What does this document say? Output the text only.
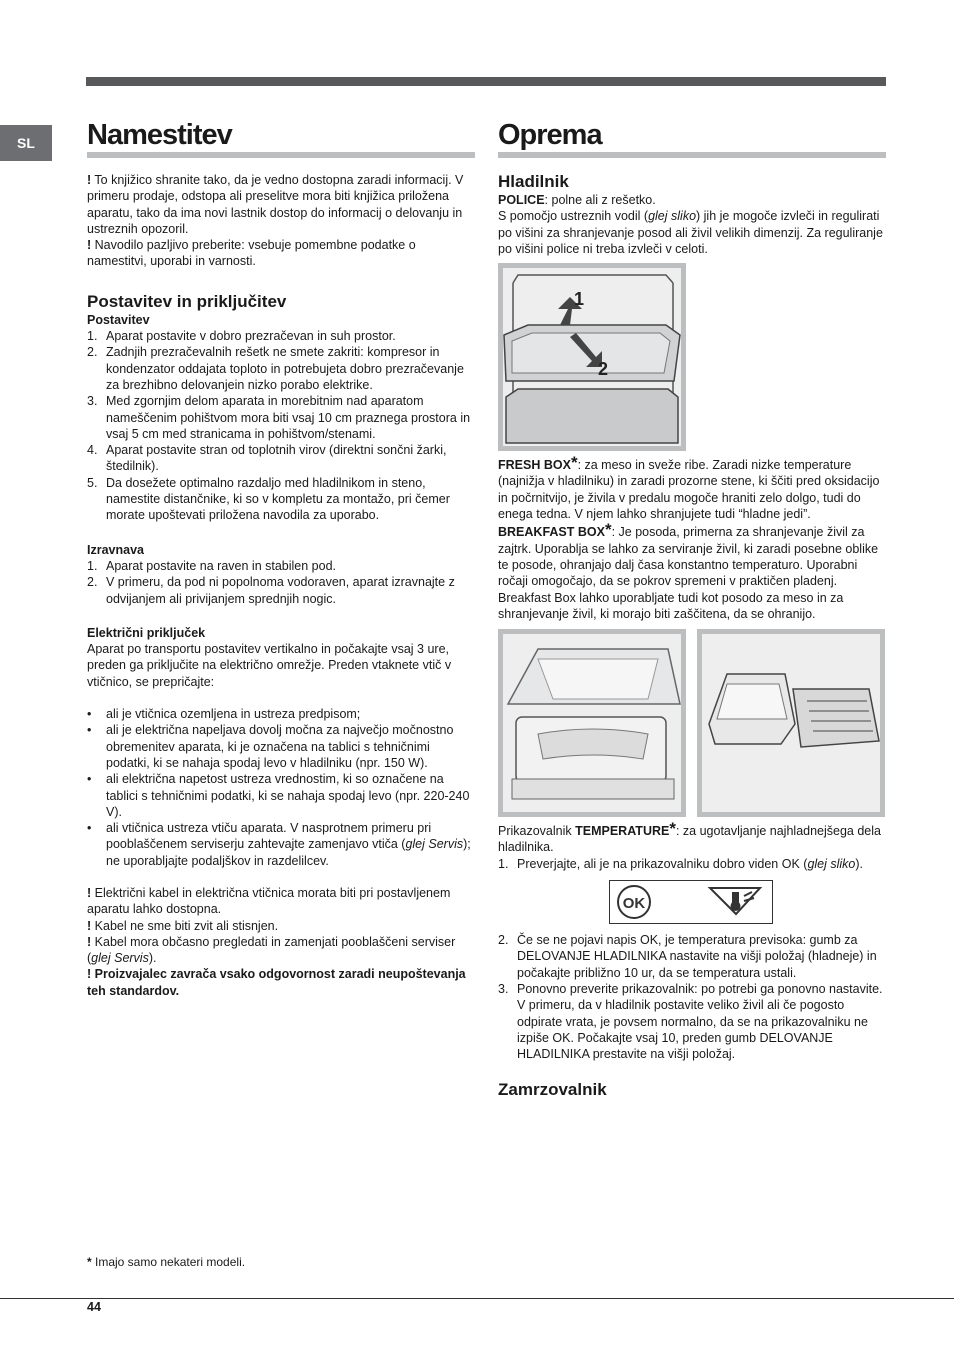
SL Namestitev

! To knjižico shranite tako, da je vedno dostopna zaradi informacij. V primeru prodaje, odstopa ali preselitve mora biti knjižica priložena aparatu, tako da ima novi lastnik dostop do informacij o delovanju in ustreznih opozoril.

! Navodilo pazljivo preberite: vsebuje pomembne podatke o namestitvi, uporabi in varnosti.

Postavitev in priključitev
Postavitev
1. Aparat postavite v dobro prezračevan in suh prostor.
2. Zadnjih prezračevalnih rešetk ne smete zakriti: kompresor in kondenzator oddajata toploto in potrebujeta dobro prezračevanje za brezhibno delovanjein nizko porabo elektrike.
3. Med zgornjim delom aparata in morebitnim nad aparatom nameščenim pohištvom mora biti vsaj 10 cm praznega prostora in vsaj 5 cm med stranicama in pohištvom/stenami.
4. Aparat postavite stran od toplotnih virov (direktni sončni žarki, štedilnik).
5. Da dosežete optimalno razdaljo med hladilnikom in steno, namestite distančnike, ki so v kompletu za montažo, pri čemer morate upoštevati priložena navodila za uporabo.
Izravnava
1. Aparat postavite na raven in stabilen pod.
2. V primeru, da pod ni popolnoma vodoraven, aparat izravnajte z odvijanjem ali privijanjem sprednjih nogic.
Električni priključek

Aparat po transportu postavitev vertikalno in počakajte vsaj 3 ure, preden ga priključite na električno omrežje. Preden vtaknete vtič v vtičnico, se prepričajte:

• ali je vtičnica ozemljena in ustreza predpisom;
• ali je električna napeljava dovolj močna za največjo močnostno obremenitev aparata, ki je označena na tablici s tehničnimi podatki, ki se nahaja spodaj levo v hladilniku (npr. 150 W).
• ali električna napetost ustreza vrednostim, ki so označene na tablici s tehničnimi podatki, ki se nahaja spodaj levo (npr. 220-240 V).
• ali vtičnica ustreza vtiču aparata. V nasprotnem primeru pri pooblaščenem serviserju zahtevajte zamenjavo vtiča (glej Servis); ne uporabljajte podaljškov in razdelilcev.

! Električni kabel in električna vtičnica morata biti pri postavljenem aparatu lahko dostopna.

! Kabel ne sme biti zvit ali stisnjen.

! Kabel mora občasno pregledati in zamenjati pooblaščeni serviser (glej Servis).

! Proizvajalec zavrača vsako odgovornost zaradi neupoštevanja teh standardov.

Oprema
Hladilnik

POLICE: polne ali z rešetko.

S pomočjo ustreznih vodil (glej sliko) jih je mogoče izvleči in regulirati po višini za shranjevanje posod ali živil velikih dimenzij. Za reguliranje po višini police ni treba izvleči v celoti.

1
2

FRESH BOX*: za meso in sveže ribe. Zaradi nizke temperature (najnižja v hladilniku) in zaradi prozorne stene, ki ščiti pred oksidacijo in počrnitvijo, je živila v predalu mogoče hraniti zelo dolgo, tudi do enega tedna. V njem lahko shranjujete tudi “hladne jedi”.

BREAKFAST BOX*: Je posoda, primerna za shranjevanje živil za zajtrk. Uporablja se lahko za serviranje živil, ki zaradi posebne oblike te posode, ohranjajo dalj časa konstantno temperaturo. Uporabni ročaji omogočajo, da se pokrov spremeni v praktičen pladenj. Breakfast Box lahko uporabljate tudi kot posodo za meso in za shranjevanje živil, ki morajo biti zaščitena, da se ohranijo.

Prikazovalnik TEMPERATURE*: za ugotavljanje najhladnejšega dela hladilnika.

1. Preverjajte, ali je na prikazovalniku dobro viden OK (glej sliko).
OK
2. Če se ne pojavi napis OK, je temperatura previsoka: gumb za DELOVANJE HLADILNIKA nastavite na višji položaj (hladneje) in počakajte približno 10 ur, da se temperatura ustali.
3. Ponovno preverite prikazovalnik: po potrebi ga ponovno nastavite. V primeru, da v hladilnik postavite veliko živil ali če pogosto odpirate vrata, je povsem normalno, da se na prikazovalniku ne izpiše OK. Počakajte vsaj 10, preden gumb DELOVANJE HLADILNIKA prestavite na višji položaj.
Zamrzovalnik
* Imajo samo nekateri modeli.
44
